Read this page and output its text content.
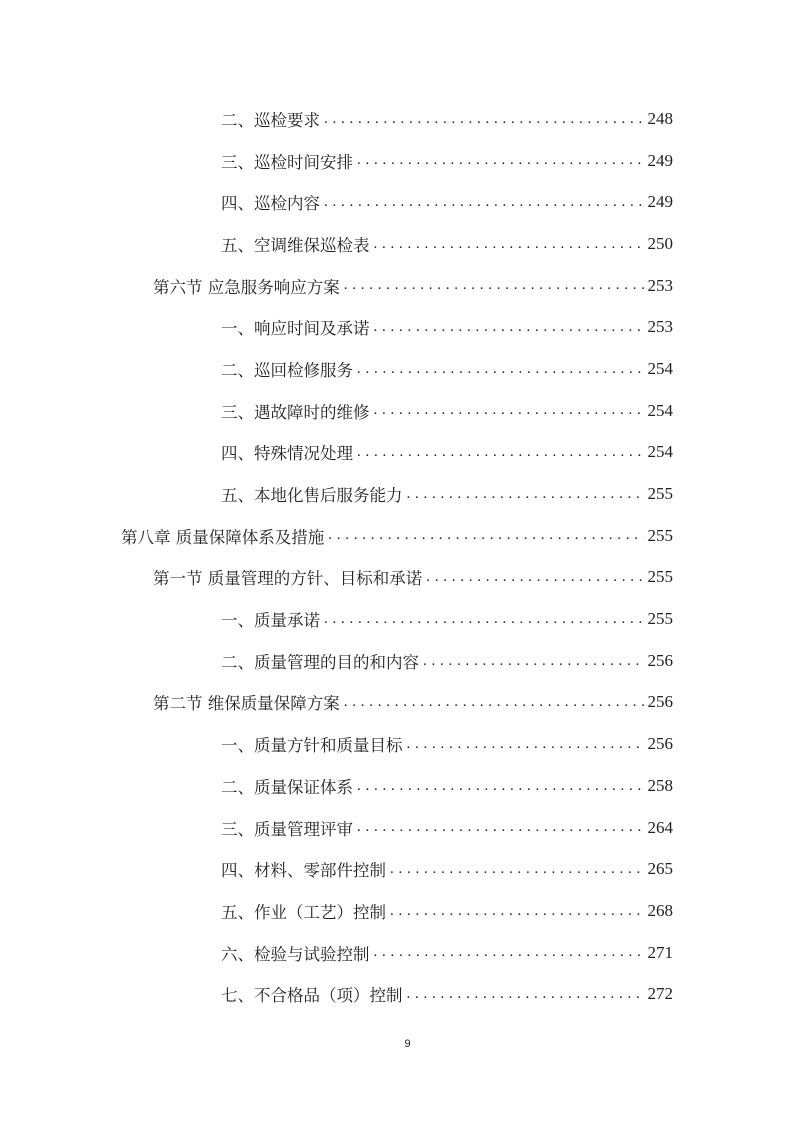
二、巡检要求 . . .	248
三、巡检时间安排 . . .	249
四、巡检内容 . . .	249
五、空调维保巡检表 . . .	250
第六节 应急服务响应方案 . . .	253
一、响应时间及承诺 . . .	253
二、巡回检修服务 . . .	254
三、遇故障时的维修 . . .	254
四、特殊情况处理 . . .	254
五、本地化售后服务能力 . . .	255
第八章 质量保障体系及措施 . . .	255
第一节 质量管理的方针、目标和承诺 . . .	255
一、质量承诺 . . .	255
二、质量管理的目的和内容 . . .	256
第二节 维保质量保障方案 . . .	256
一、质量方针和质量目标 . . .	256
二、质量保证体系 . . .	258
三、质量管理评审 . . .	264
四、材料、零部件控制 . . .	265
五、作业（工艺）控制 . . .	268
六、检验与试验控制 . . .	271
七、不合格品（项）控制 . . .	272
9
